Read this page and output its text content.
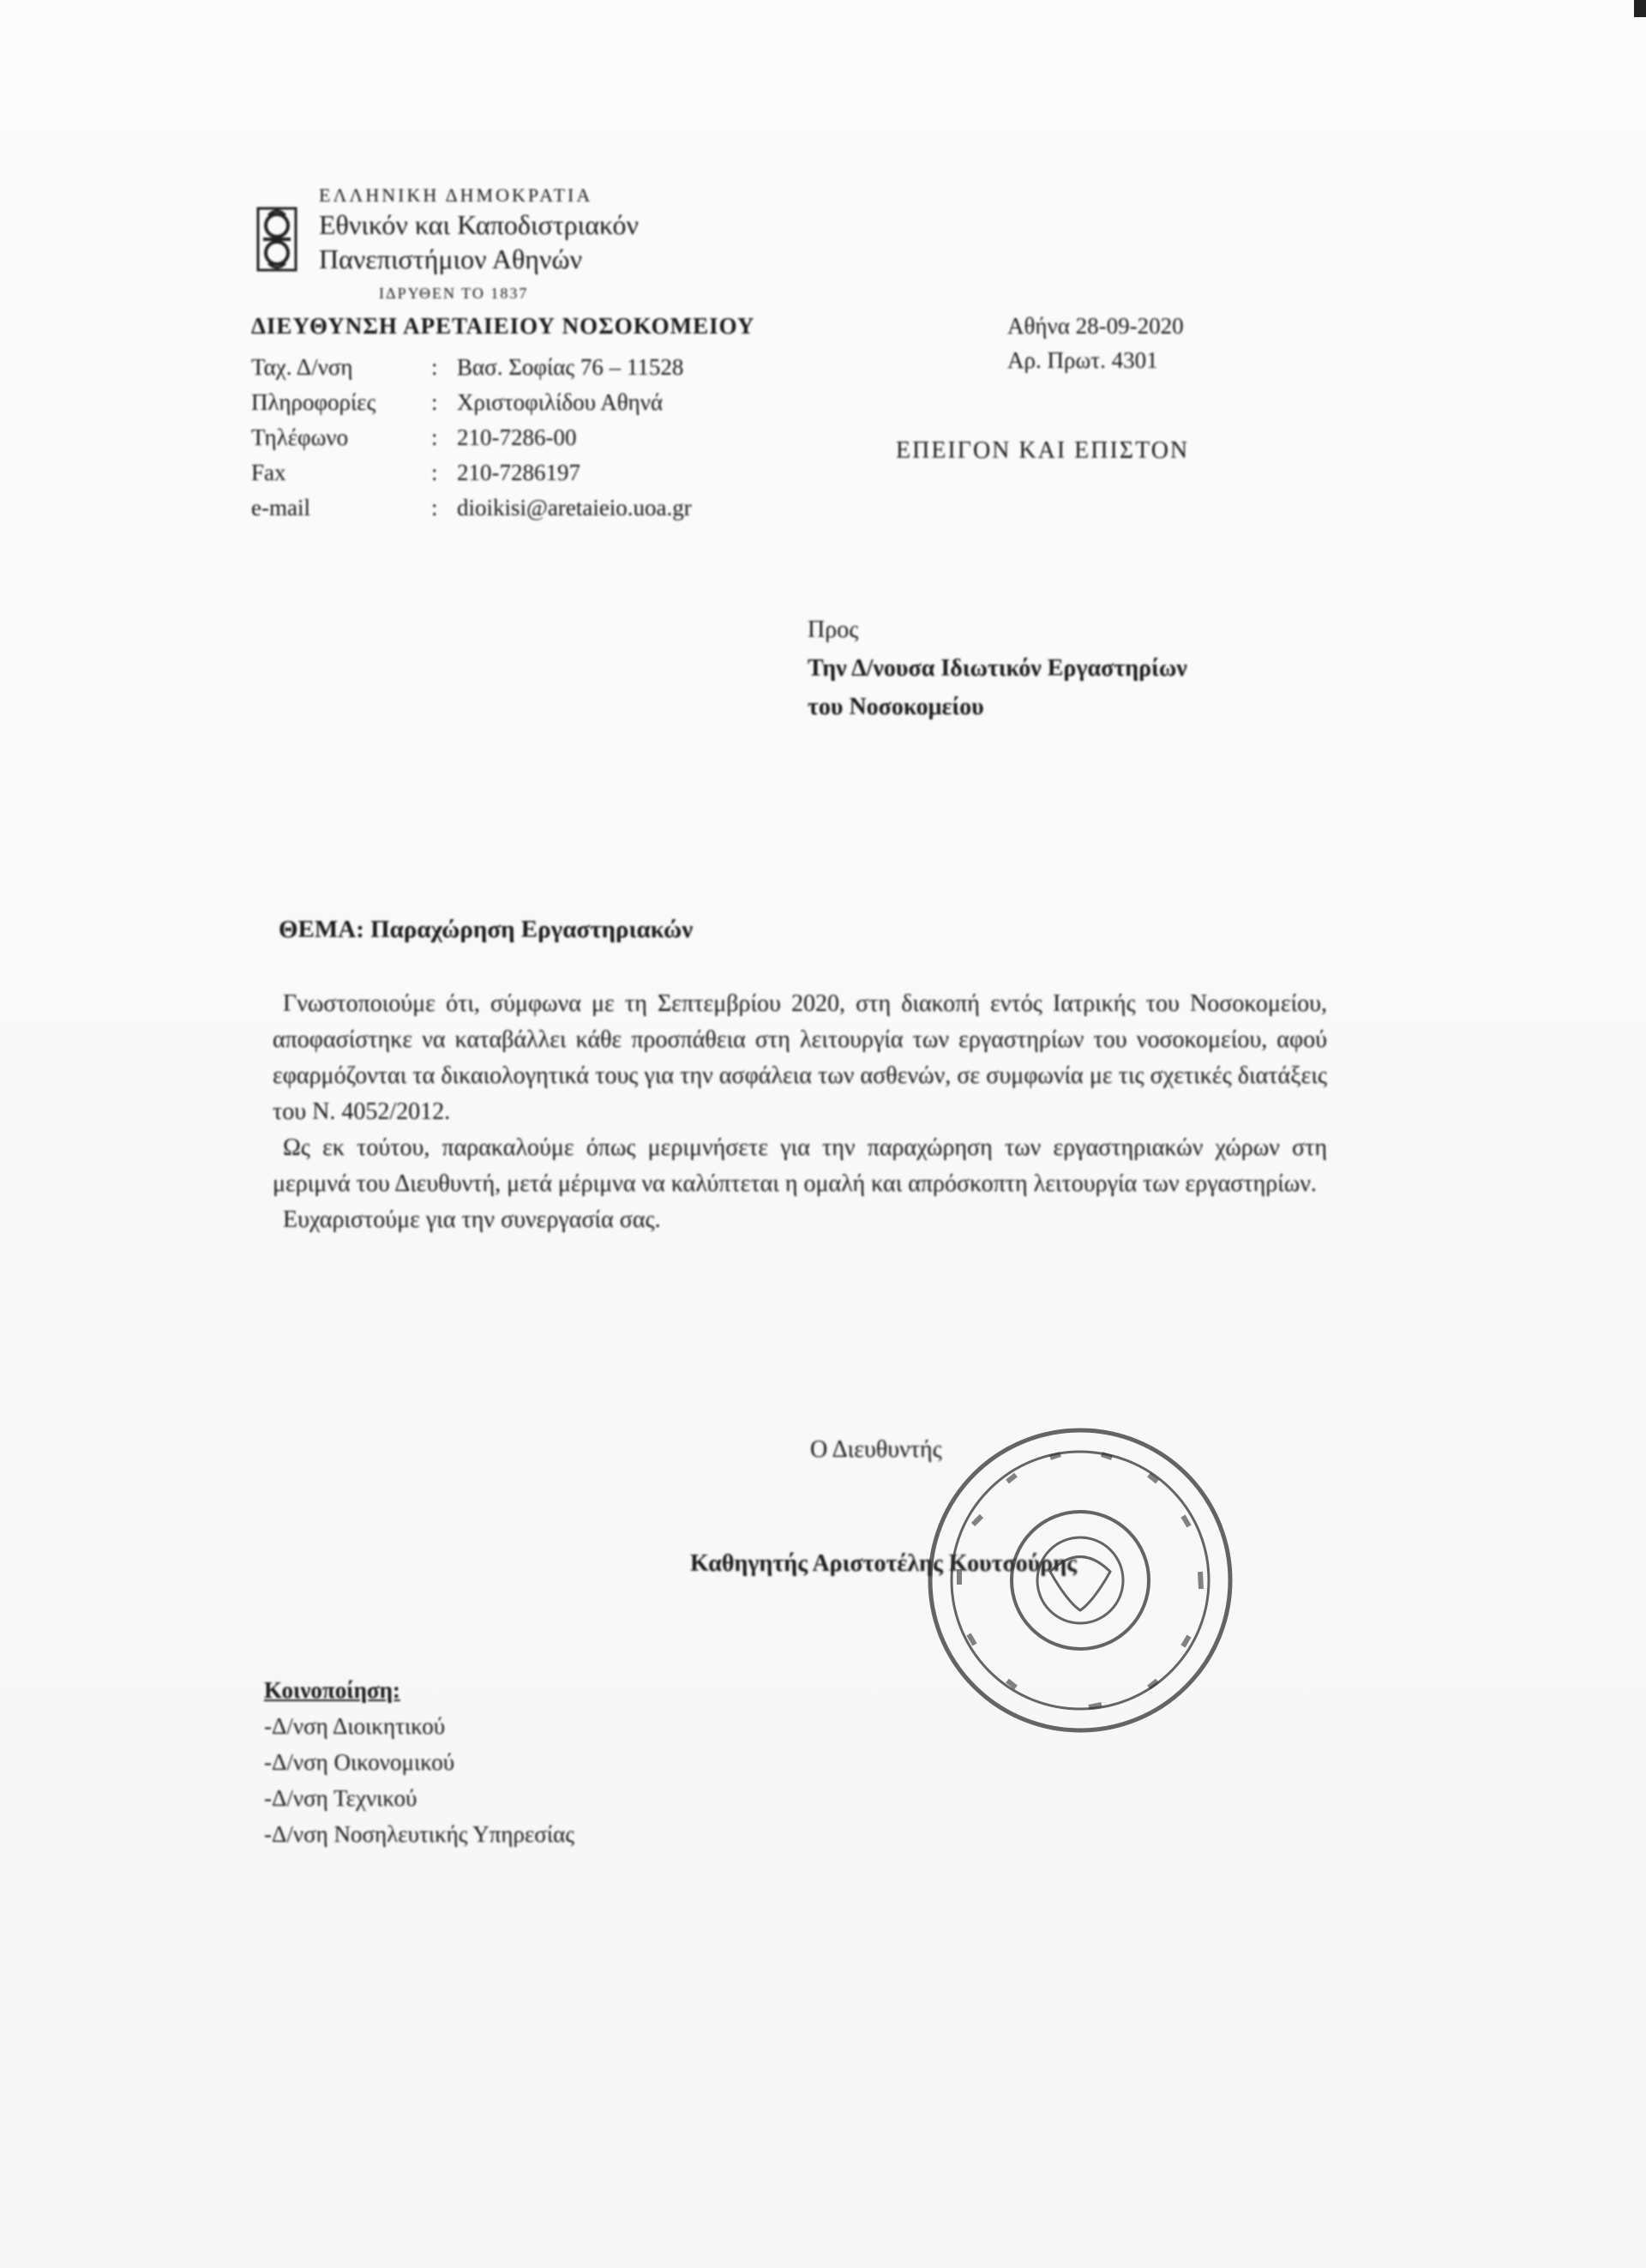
ΕΛΛΗΝΙΚΗ ΔΗΜΟΚΡΑΤΙΑ
Εθνικόν και Καποδιστριακόν
Πανεπιστήμιον Αθηνών
ΙΔΡΥΘΕΝ ΤΟ 1837
ΔΙΕΥΘΥΝΣΗ ΑΡΕΤΑΙΕΙΟΥ ΝΟΣΟΚΟΜΕΙΟΥ
Ταχ. Δ/νση	: Βασ. Σοφίας 76 – 11528
Πληροφορίες	: Χριστοφιλίδου Αθηνά
Τηλέφωνο	: 210-7286-00
Fax	: 210-7286197
e-mail	: dioikisi@aretaieio.uoa.gr
Αθήνα 28-09-2020
Αρ. Πρωτ. 4301
ΕΠΕΙΓΟΝ ΚΑΙ ΕΠΙΣΤΟΝ
Προς
Την Δ/νουσα Ιδιωτικόν Εργαστηρίων
του Νοσοκομείου
ΘΕΜΑ: Παραχώρηση Εργαστηριακών

Γνωστοποιούμε ότι, σύμφωνα με τη Σεπτεμβρίου 2020, στη διακοπή εντός Ιατρικής του Νοσοκομείου, αποφασίστηκε να καταβάλλει κάθε προσπάθεια στη λειτουργία των εργαστηρίων του νοσοκομείου, αφού εφαρμόζονται τα δικαιολογητικά τους για την ασφάλεια των ασθενών, σε συμφωνία με τις σχετικές διατάξεις του Ν. 4052/2012.

Ως εκ τούτου, παρακαλούμε όπως μεριμνήσετε για την παραχώρηση των εργαστηριακών χώρων στη μεριμνά του Διευθυντή, μετά μέριμνα να καλύπτεται η ομαλή και απρόσκοπτη λειτουργία των εργαστηρίων.

Ευχαριστούμε για την συνεργασία σας.

Ο Διευθυντής
Καθηγητής Αριστοτέλης Κουτσούρης
Κοινοποίηση:
-Δ/νση Διοικητικού
-Δ/νση Οικονομικού
-Δ/νση Τεχνικού
-Δ/νση Νοσηλευτικής Υπηρεσίας
